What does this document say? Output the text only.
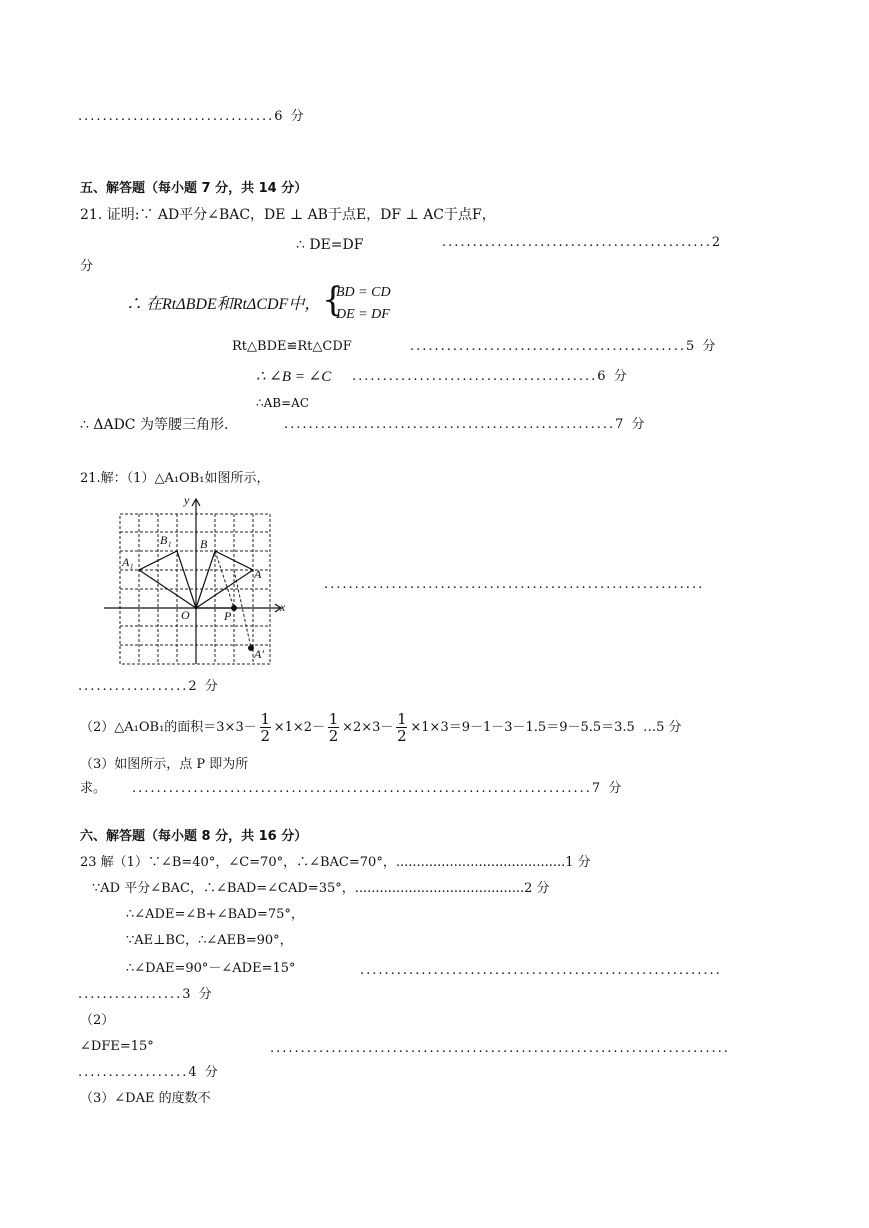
................................6 分
五、解答题（每小题 7 分，共 14 分）
21. 证明:∵ AD平分∠BAC，DE ⊥ AB于点E，DF ⊥ AC于点F，
∴ DE=DF	............................................2
分
∴ 在RtΔBDE和RtΔCDF中， {
BD = CD
DE = DF
Rt△BDE≌Rt△CDF	.............................................5 分
∴ ∠B = ∠C ........................................6 分
∴AB=AC
∴ ΔADC 为等腰三角形.	......................................................7 分
21.解：（1）△A₁OB₁如图所示，
y
x
O
A
B
A₁
B₁
P
A′
..............................................................
..................2 分
（2）△A₁OB₁的面积$=3\times 3- \frac{1}{2} \times 1\times 2- \frac{1}{2} \times 2\times 3- \frac{1}{2} \times 1\times 3=9-1-3-1.5=9-5.5=3.5$ …5 分
（3）如图所示，点 P 即为所
求。 ...........................................................................7 分
六、解答题（每小题 8 分，共 16 分）
23 解（1）∵∠B=40°，∠C=70°，∴∠BAC=70°，.........................................1 分
∵AD 平分∠BAC，∴∠BAD=∠CAD=35°，.........................................2 分
∴∠ADE=∠B+∠BAD=75°，
∵AE⊥BC，∴∠AEB=90°，
∴∠DAE=90°－∠ADE=15°	...........................................................
.................3 分
（2）
∠DFE=15°	...........................................................................
..................4 分
（3）∠DAE 的度数不
